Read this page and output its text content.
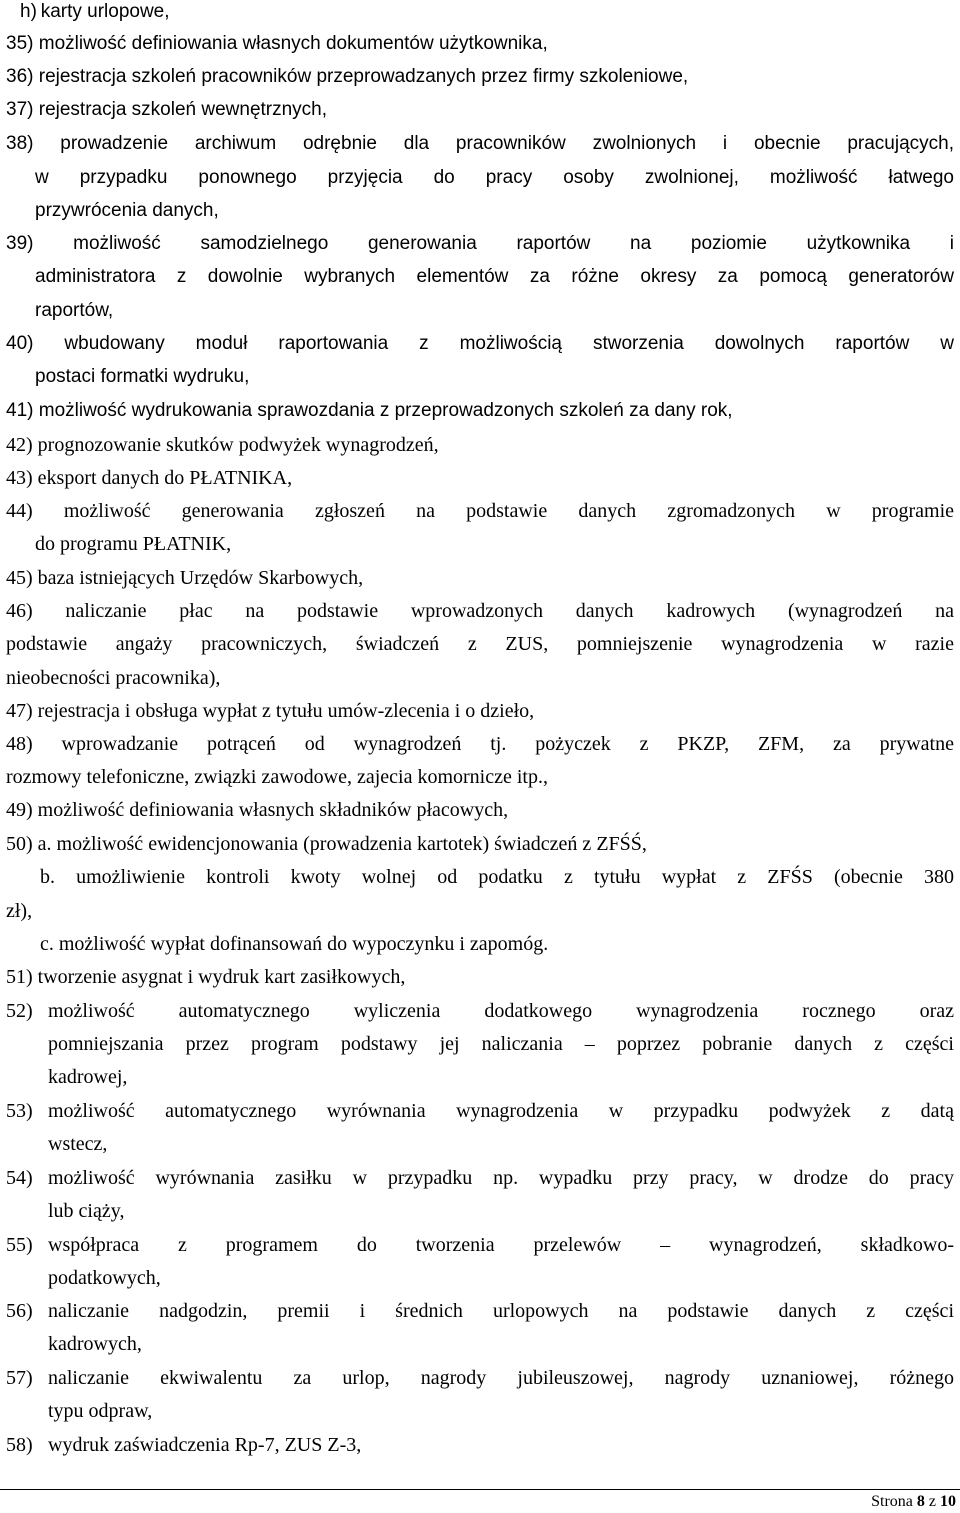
h) karty urlopowe,
35) możliwość definiowania własnych dokumentów użytkownika,
36) rejestracja szkoleń pracowników przeprowadzanych przez firmy szkoleniowe,
37) rejestracja szkoleń wewnętrznych,
38) prowadzenie archiwum odrębnie dla pracowników zwolnionych i obecnie pracujących,
w przypadku ponownego przyjęcia do pracy osoby zwolnionej, możliwość łatwego
przywrócenia danych,
39) możliwość samodzielnego generowania raportów na poziomie użytkownika i
administratora z dowolnie wybranych elementów za różne okresy za pomocą generatorów
raportów,
40) wbudowany moduł raportowania z możliwością stworzenia dowolnych raportów w
postaci formatki wydruku,
41) możliwość wydrukowania sprawozdania z przeprowadzonych szkoleń za dany rok,
42) prognozowanie skutków podwyżek wynagrodzeń,
43) eksport danych do PŁATNIKA,
44) możliwość generowania zgłoszeń na podstawie danych zgromadzonych w programie
do programu PŁATNIK,
45) baza istniejących Urzędów Skarbowych,
46) naliczanie płac na podstawie wprowadzonych danych kadrowych (wynagrodzeń na
podstawie angaży pracowniczych, świadczeń z ZUS, pomniejszenie wynagrodzenia w razie
nieobecności pracownika),
47) rejestracja i obsługa wypłat z tytułu umów-zlecenia i o dzieło,
48) wprowadzanie potrąceń od wynagrodzeń tj. pożyczek z PKZP, ZFM, za prywatne
rozmowy telefoniczne, związki zawodowe, zajecia komornicze itp.,
49) możliwość definiowania własnych składników płacowych,
50) a. możliwość ewidencjonowania (prowadzenia kartotek) świadczeń z ZFŚŚ,
b. umożliwienie kontroli kwoty wolnej od podatku z tytułu wypłat z ZFŚS (obecnie 380
zł),
c. możliwość wypłat dofinansowań do wypoczynku i zapomóg.
51) tworzenie asygnat i wydruk kart zasiłkowych,
52) możliwość automatycznego wyliczenia dodatkowego wynagrodzenia rocznego oraz
pomniejszania przez program podstawy jej naliczania – poprzez pobranie danych z części
kadrowej,
53) możliwość automatycznego wyrównania wynagrodzenia w przypadku podwyżek z datą
wstecz,
54) możliwość wyrównania zasiłku w przypadku np. wypadku przy pracy, w drodze do pracy
lub ciąży,
55) współpraca z programem do tworzenia przelewów – wynagrodzeń, składkowo-
podatkowych,
56) naliczanie nadgodzin, premii i średnich urlopowych na podstawie danych z części
kadrowych,
57) naliczanie ekwiwalentu za urlop, nagrody jubileuszowej, nagrody uznaniowej, różnego
typu odpraw,
58) wydruk zaświadczenia Rp-7, ZUS Z-3,
Strona 8 z 10
